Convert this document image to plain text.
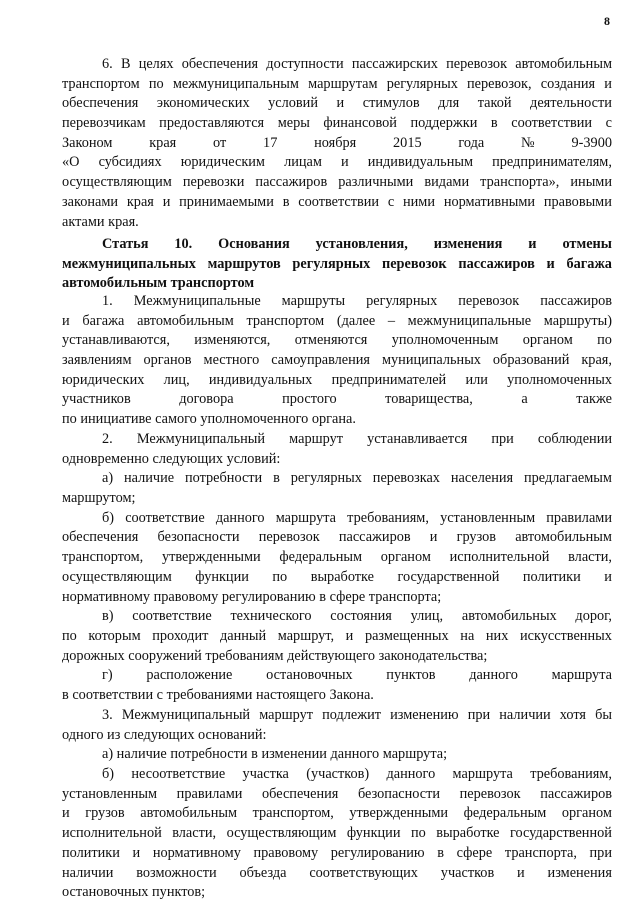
8
6. В целях обеспечения доступности пассажирских перевозок автомобильным
транспортом по межмуниципальным маршрутам регулярных перевозок, создания и
обеспечения экономических условий и стимулов для такой деятельности
перевозчикам предоставляются меры финансовой поддержки в соответствии с
Законом	края	от	17	ноября	2015	года	№	9-3900
«О субсидиях юридическим лицам и индивидуальным предпринимателям,
осуществляющим перевозки пассажиров различными видами транспорта», иными
законами края и принимаемыми в соответствии с ними нормативными правовыми
актами края.
Статья 10. Основания установления, изменения и отмены
межмуниципальных маршрутов регулярных перевозок пассажиров и багажа
автомобильным транспортом
1. Межмуниципальные маршруты регулярных перевозок пассажиров
и багажа автомобильным транспортом (далее – межмуниципальные маршруты)
устанавливаются, изменяются, отменяются уполномоченным органом по
заявлениям органов местного самоуправления муниципальных образований края,
юридических лиц, индивидуальных предпринимателей или уполномоченных
участников	договора	простого	товарищества,	а	также
по инициативе самого уполномоченного органа.
2. Межмуниципальный маршрут устанавливается при соблюдении
одновременно следующих условий:
а) наличие потребности в регулярных перевозках населения предлагаемым
маршрутом;
б) соответствие данного маршрута требованиям, установленным правилами
обеспечения безопасности перевозок пассажиров и грузов автомобильным
транспортом, утвержденными федеральным органом исполнительной власти,
осуществляющим функции по выработке государственной политики и
нормативному правовому регулированию в сфере транспорта;
в) соответствие технического состояния улиц, автомобильных дорог,
по которым проходит данный маршрут, и размещенных на них искусственных
дорожных сооружений требованиям действующего законодательства;
г) расположение остановочных пунктов данного маршрута
в соответствии с требованиями настоящего Закона.
3. Межмуниципальный маршрут подлежит изменению при наличии хотя бы
одного из следующих оснований:
а) наличие потребности в изменении данного маршрута;
б) несоответствие участка (участков) данного маршрута требованиям,
установленным правилами обеспечения безопасности перевозок пассажиров
и грузов автомобильным транспортом, утвержденными федеральным органом
исполнительной власти, осуществляющим функции по выработке государственной
политики и нормативному правовому регулированию в сфере транспорта, при
наличии возможности объезда соответствующих участков и изменения
остановочных пунктов;
